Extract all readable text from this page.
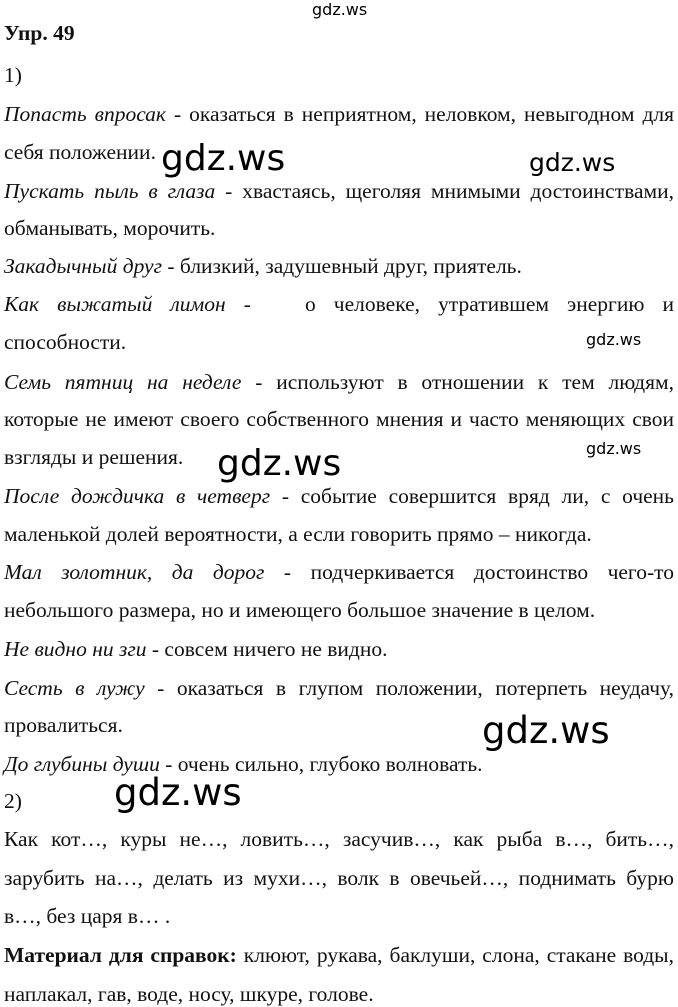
gdz.ws
Упр. 49
1)
Попасть впросак - оказаться в неприятном, неловком, невыгодном для
себя положении.
Пускать пыль в глаза - хвастаясь, щеголяя мнимыми достоинствами,
обманывать, морочить.
Закадычный друг - близкий, задушевный друг, приятель.
Как выжатый лимон -   о человеке, утратившем энергию и
способности.
Семь пятниц на неделе - используют в отношении к тем людям,
которые не имеют своего собственного мнения и часто меняющих свои
взгляды и решения.
После дождичка в четверг - событие совершится вряд ли, с очень
маленькой долей вероятности, а если говорить прямо – никогда.
Мал золотник, да дорог - подчеркивается достоинство чего-то
небольшого размера, но и имеющего большое значение в целом.
Не видно ни зги - совсем ничего не видно.
Сесть в лужу - оказаться в глупом положении, потерпеть неудачу,
провалиться.
До глубины души - очень сильно, глубоко волновать.
2)
Как кот…, куры не…, ловить…, засучив…, как рыба в…, бить…,
зарубить на…, делать из мухи…, волк в овечьей…, поднимать бурю
в…, без царя в… .
Материал для справок: клюют, рукава, баклуши, слона, стакане воды,
наплакал, гав, воде, носу, шкуре, голове.
gdz.ws	gdz.ws
gdz.ws
gdz.ws
gdz.ws
gdz.ws
gdz.ws
